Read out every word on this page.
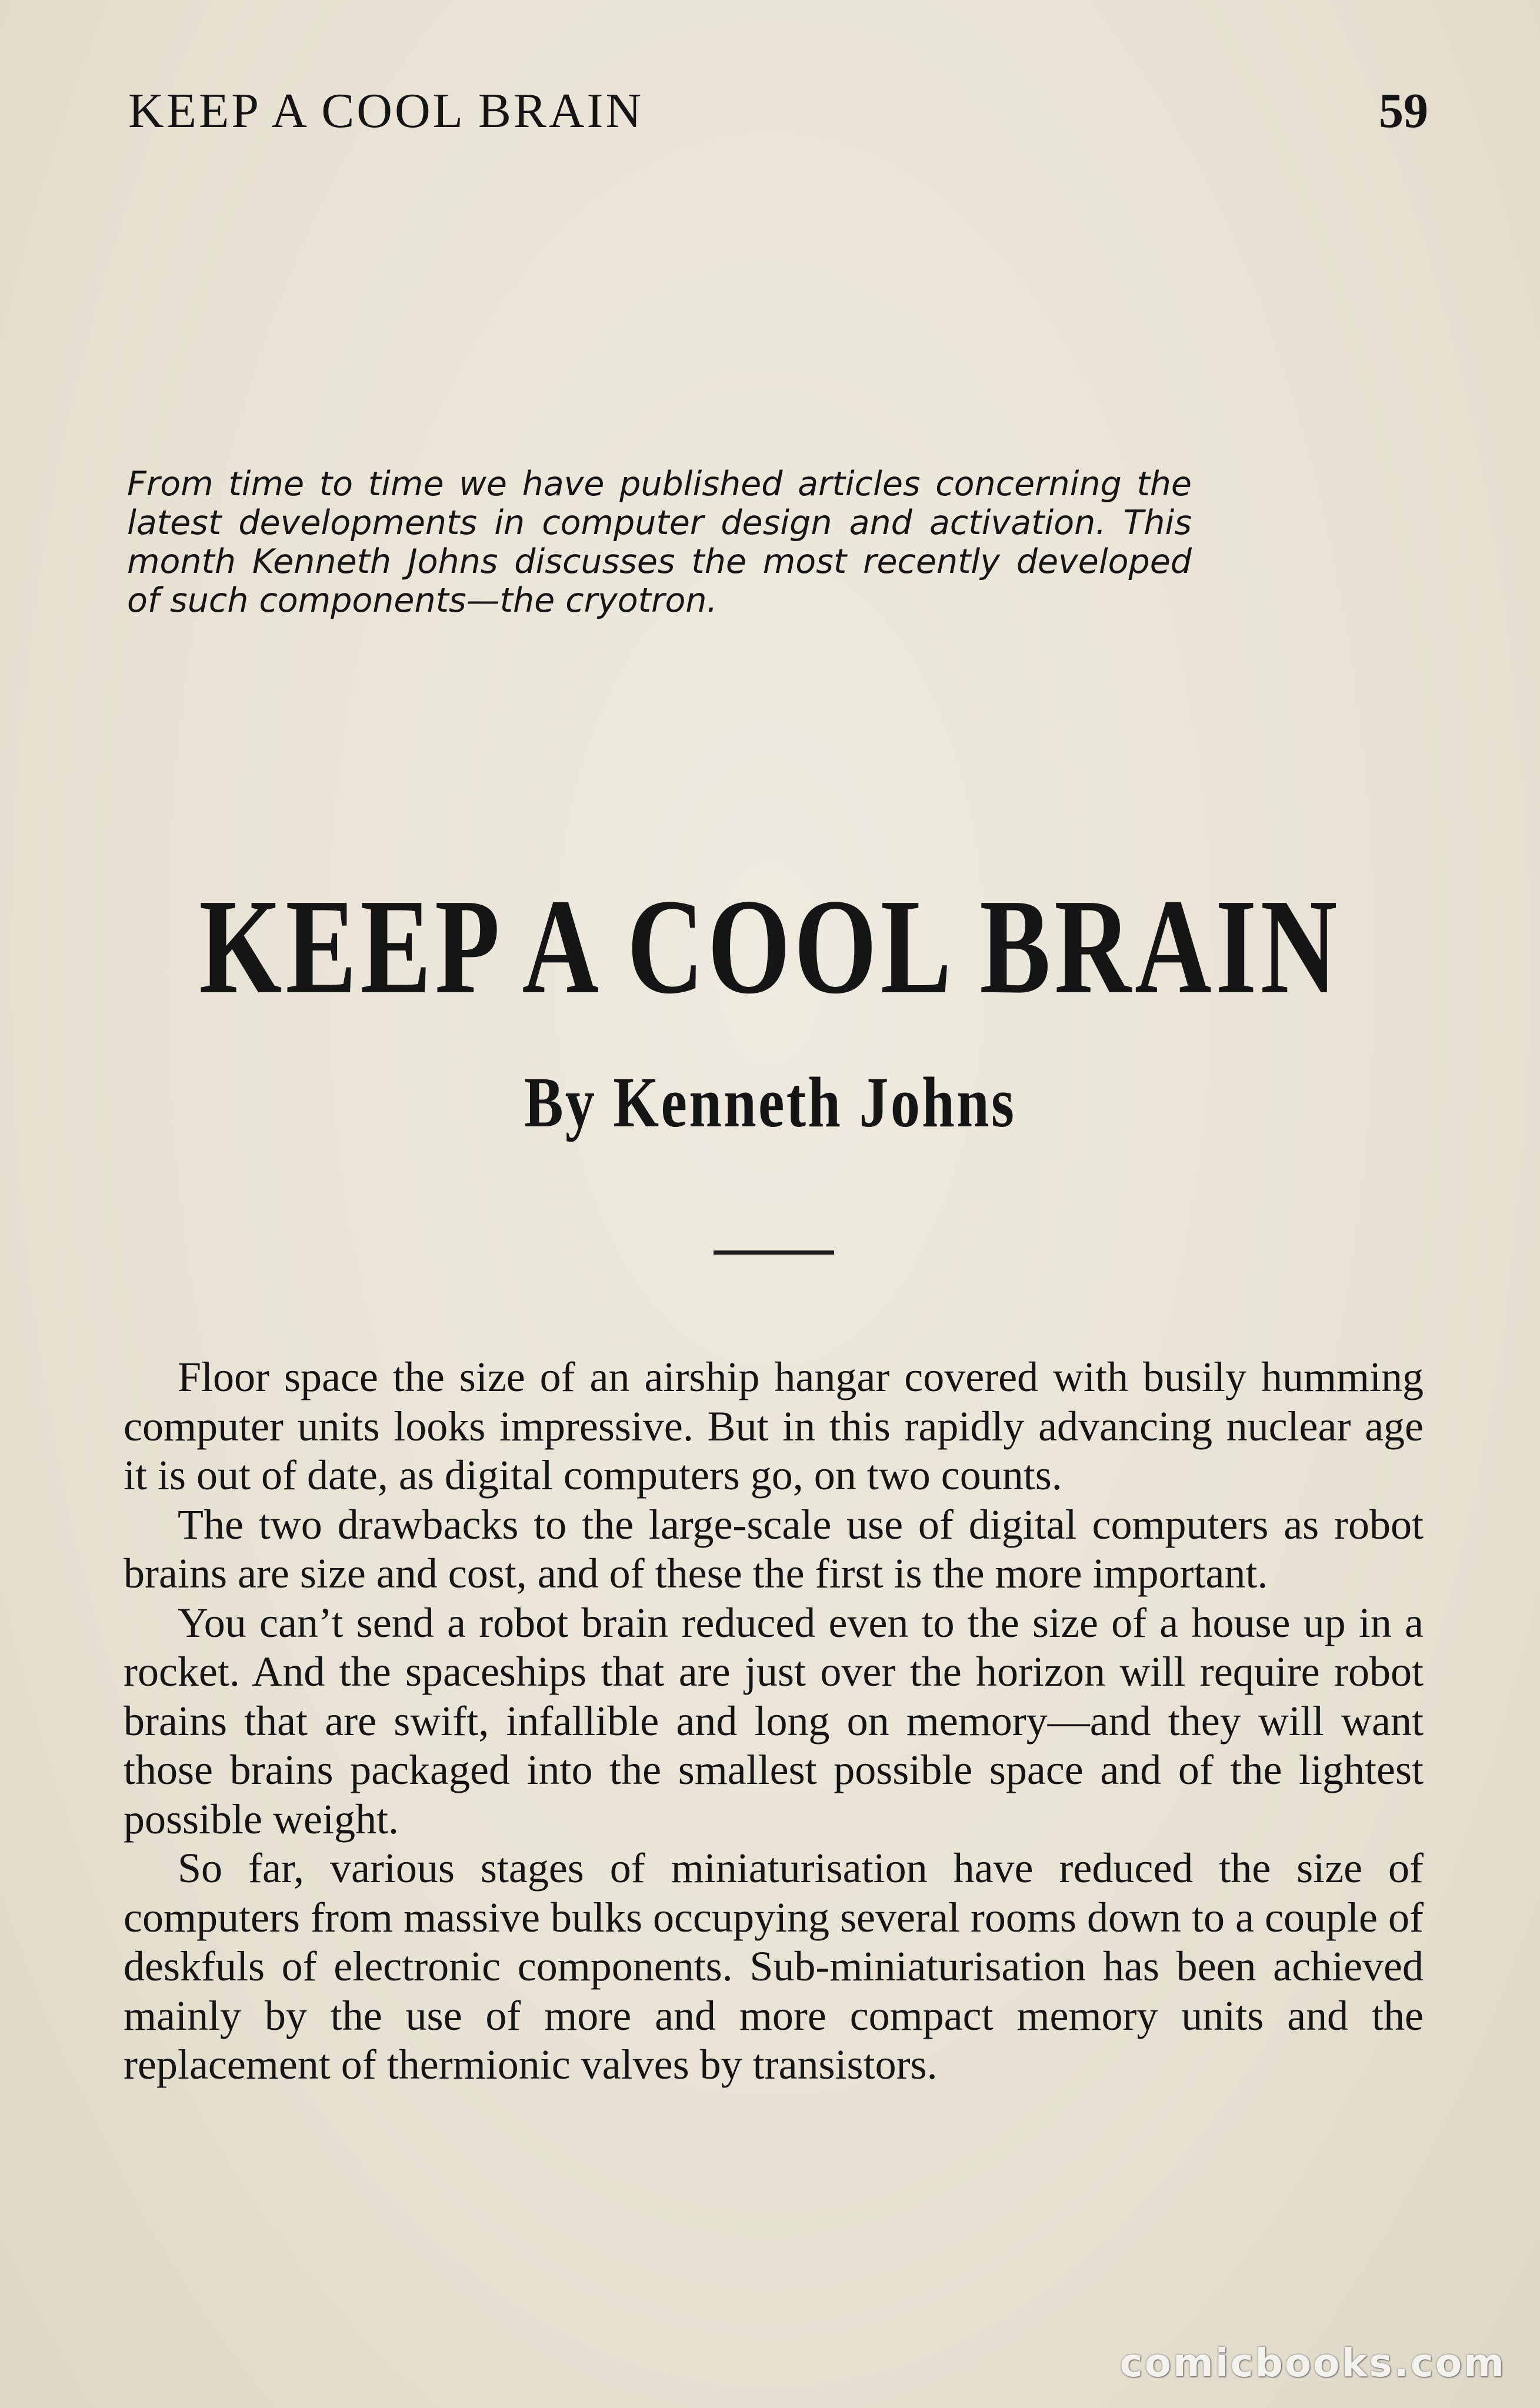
KEEP A COOL BRAIN	59
From time to time we have published articles concerning the latest developments in computer design and activation. This month Kenneth Johns discusses the most recently developed of such components—the cryotron.
KEEP A COOL BRAIN
By Kenneth Johns

Floor space the size of an airship hangar covered with busily humming computer units looks impressive. But in this rapidly advancing nuclear age it is out of date, as digital computers go, on two counts.

The two drawbacks to the large-scale use of digital computers as robot brains are size and cost, and of these the first is the more important.

You can’t send a robot brain reduced even to the size of a house up in a rocket. And the spaceships that are just over the horizon will require robot brains that are swift, infallible and long on memory—and they will want those brains packaged into the smallest possible space and of the lightest possible weight.

So far, various stages of miniaturisation have reduced the size of computers from massive bulks occupying several rooms down to a couple of deskfuls of electronic components. Sub-miniaturisation has been achieved mainly by the use of more and more compact memory units and the replacement of thermionic valves by transistors.

comicbooks.com
